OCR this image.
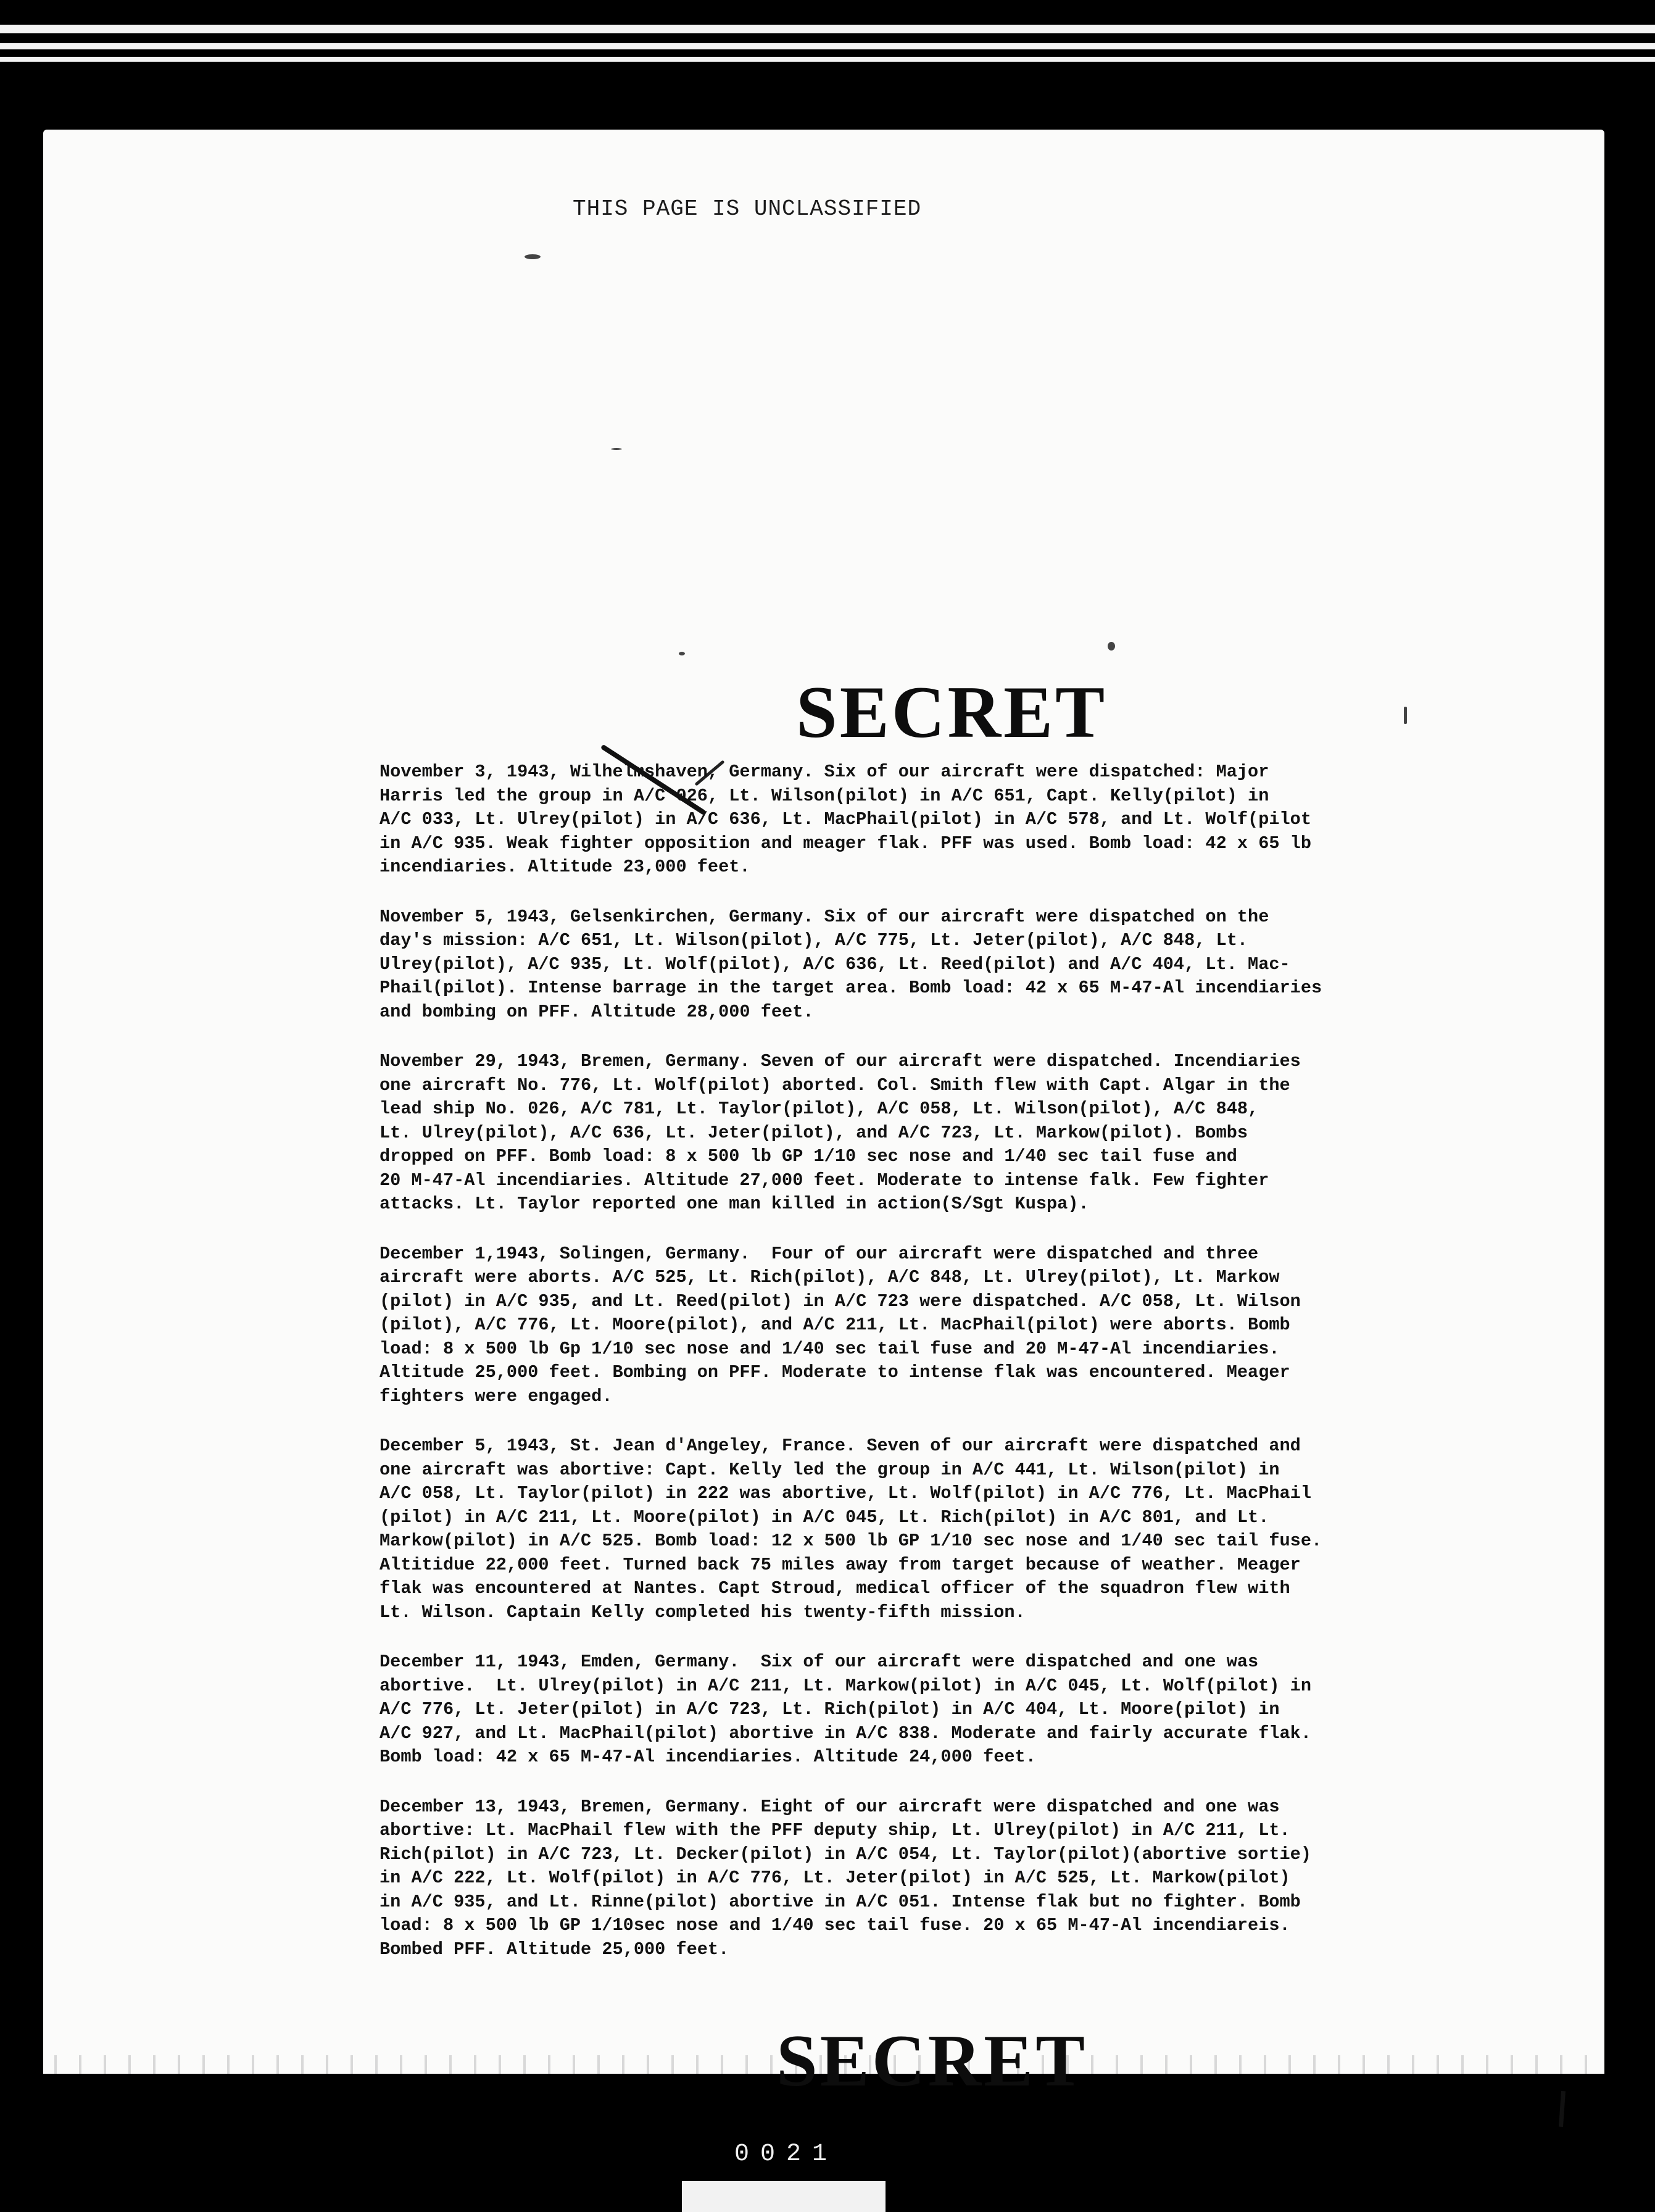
THIS PAGE IS UNCLASSIFIED
SECRET
November 3, 1943, Wilhelmshaven, Germany. Six of our aircraft were dispatched: Major
Harris led the group in A/C 026, Lt. Wilson(pilot) in A/C 651, Capt. Kelly(pilot) in
A/C 033, Lt. Ulrey(pilot) in A/C 636, Lt. MacPhail(pilot) in A/C 578, and Lt. Wolf(pilot
in A/C 935. Weak fighter opposition and meager flak. PFF was used. Bomb load: 42 x 65 lb
incendiaries. Altitude 23,000 feet.
November 5, 1943, Gelsenkirchen, Germany. Six of our aircraft were dispatched on the
day's mission: A/C 651, Lt. Wilson(pilot), A/C 775, Lt. Jeter(pilot), A/C 848, Lt.
Ulrey(pilot), A/C 935, Lt. Wolf(pilot), A/C 636, Lt. Reed(pilot) and A/C 404, Lt. Mac-
Phail(pilot). Intense barrage in the target area. Bomb load: 42 x 65 M-47-Al incendiaries
and bombing on PFF. Altitude 28,000 feet.
November 29, 1943, Bremen, Germany. Seven of our aircraft were dispatched. Incendiaries
one aircraft No. 776, Lt. Wolf(pilot) aborted. Col. Smith flew with Capt. Algar in the
lead ship No. 026, A/C 781, Lt. Taylor(pilot), A/C 058, Lt. Wilson(pilot), A/C 848,
Lt. Ulrey(pilot), A/C 636, Lt. Jeter(pilot), and A/C 723, Lt. Markow(pilot). Bombs
dropped on PFF. Bomb load: 8 x 500 lb GP 1/10 sec nose and 1/40 sec tail fuse and
20 M-47-Al incendiaries. Altitude 27,000 feet. Moderate to intense falk. Few fighter
attacks. Lt. Taylor reported one man killed in action(S/Sgt Kuspa).
December 1,1943, Solingen, Germany.  Four of our aircraft were dispatched and three
aircraft were aborts. A/C 525, Lt. Rich(pilot), A/C 848, Lt. Ulrey(pilot), Lt. Markow
(pilot) in A/C 935, and Lt. Reed(pilot) in A/C 723 were dispatched. A/C 058, Lt. Wilson
(pilot), A/C 776, Lt. Moore(pilot), and A/C 211, Lt. MacPhail(pilot) were aborts. Bomb
load: 8 x 500 lb Gp 1/10 sec nose and 1/40 sec tail fuse and 20 M-47-Al incendiaries.
Altitude 25,000 feet. Bombing on PFF. Moderate to intense flak was encountered. Meager
fighters were engaged.
December 5, 1943, St. Jean d'Angeley, France. Seven of our aircraft were dispatched and
one aircraft was abortive: Capt. Kelly led the group in A/C 441, Lt. Wilson(pilot) in
A/C 058, Lt. Taylor(pilot) in 222 was abortive, Lt. Wolf(pilot) in A/C 776, Lt. MacPhail
(pilot) in A/C 211, Lt. Moore(pilot) in A/C 045, Lt. Rich(pilot) in A/C 801, and Lt.
Markow(pilot) in A/C 525. Bomb load: 12 x 500 lb GP 1/10 sec nose and 1/40 sec tail fuse.
Altitidue 22,000 feet. Turned back 75 miles away from target because of weather. Meager
flak was encountered at Nantes. Capt Stroud, medical officer of the squadron flew with
Lt. Wilson. Captain Kelly completed his twenty-fifth mission.
December 11, 1943, Emden, Germany.  Six of our aircraft were dispatched and one was
abortive.  Lt. Ulrey(pilot) in A/C 211, Lt. Markow(pilot) in A/C 045, Lt. Wolf(pilot) in
A/C 776, Lt. Jeter(pilot) in A/C 723, Lt. Rich(pilot) in A/C 404, Lt. Moore(pilot) in
A/C 927, and Lt. MacPhail(pilot) abortive in A/C 838. Moderate and fairly accurate flak.
Bomb load: 42 x 65 M-47-Al incendiaries. Altitude 24,000 feet.
December 13, 1943, Bremen, Germany. Eight of our aircraft were dispatched and one was
abortive: Lt. MacPhail flew with the PFF deputy ship, Lt. Ulrey(pilot) in A/C 211, Lt.
Rich(pilot) in A/C 723, Lt. Decker(pilot) in A/C 054, Lt. Taylor(pilot)(abortive sortie)
in A/C 222, Lt. Wolf(pilot) in A/C 776, Lt. Jeter(pilot) in A/C 525, Lt. Markow(pilot)
in A/C 935, and Lt. Rinne(pilot) abortive in A/C 051. Intense flak but no fighter. Bomb
load: 8 x 500 lb GP 1/10sec nose and 1/40 sec tail fuse. 20 x 65 M-47-Al incendiareis.
Bombed PFF. Altitude 25,000 feet.
SECRET
0021
